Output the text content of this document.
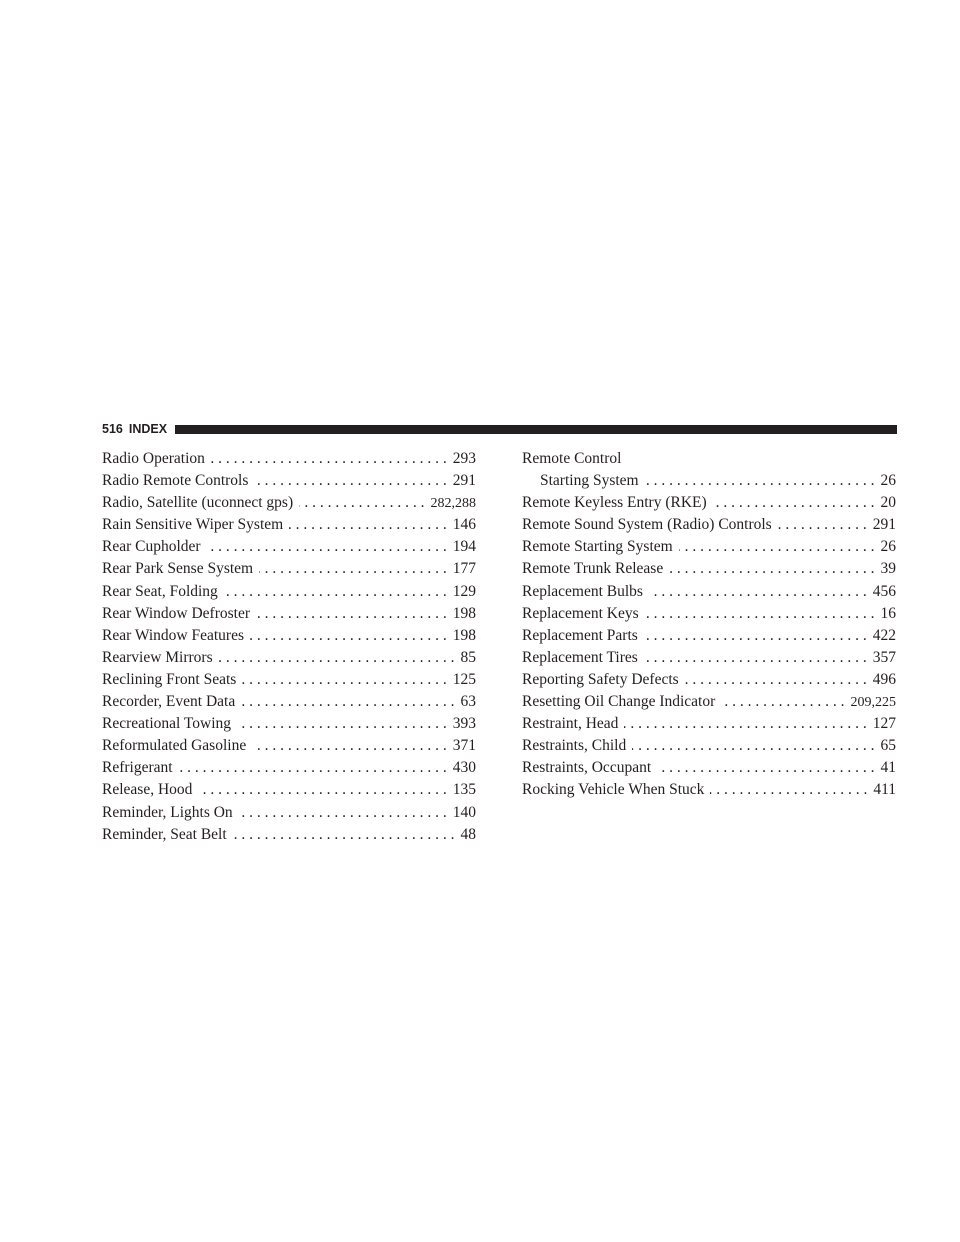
516 INDEX
Radio Operation . . .	293
Radio Remote Controls . . .	291
Radio, Satellite (uconnect gps) . . .	282,288
Rain Sensitive Wiper System . . .	146
Rear Cupholder . . .	194
Rear Park Sense System . . .	177
Rear Seat, Folding . . .	129
Rear Window Defroster . . .	198
Rear Window Features . . .	198
Rearview Mirrors . . .	85
Reclining Front Seats . . .	125
Recorder, Event Data . . .	63
Recreational Towing . . .	393
Reformulated Gasoline . . .	371
Refrigerant . . .	430
Release, Hood . . .	135
Reminder, Lights On . . .	140
Reminder, Seat Belt . . .	48
Remote Control
Starting System . . .	26
Remote Keyless Entry (RKE) . . .	20
Remote Sound System (Radio) Controls . . .	291
Remote Starting System . . .	26
Remote Trunk Release . . .	39
Replacement Bulbs . . .	456
Replacement Keys . . .	16
Replacement Parts . . .	422
Replacement Tires . . .	357
Reporting Safety Defects . . .	496
Resetting Oil Change Indicator . . .	209,225
Restraint, Head . . .	127
Restraints, Child . . .	65
Restraints, Occupant . . .	41
Rocking Vehicle When Stuck . . .	411
